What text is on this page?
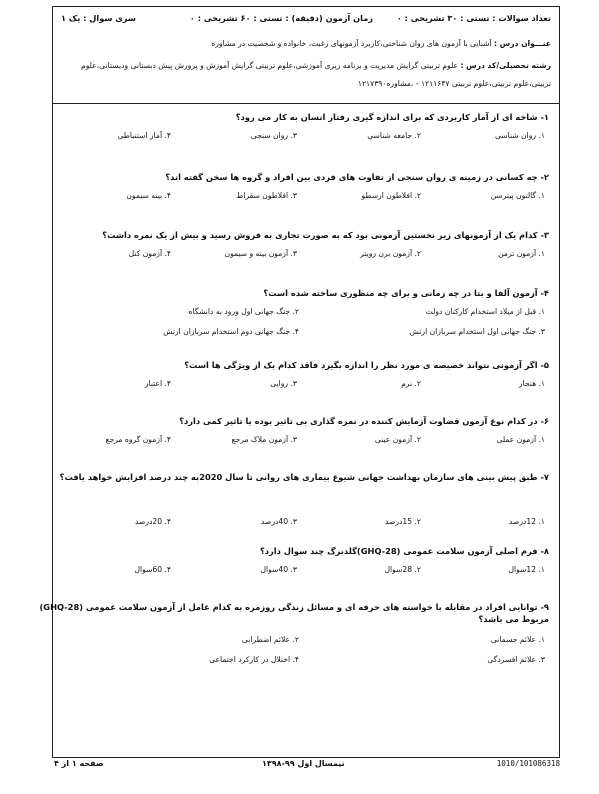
تعداد سوالات : تستی : ۳۰ تشریحی : ۰
زمان آزمون (دقیقه) : تستی : ۶۰ تشریحی : ۰
سری سوال : یک ۱
عنـــوان درس : آشنایی با آزمون های روان شناختی،کاربرد آزمونهای رغبت، خانواده و شخصیت در مشاوره
رشته تحصیلی/کد درس : علوم تربیتی گرایش مدیریت و برنامه ریزی آموزشی،علوم تربیتی گرایش آموزش و پرورش پیش دبستانی ودبستانی،علوم
تربیتی،علوم تربیتی،علوم تربیتی ۱۲۱۱۶۴۷ - ،مشاوره۱۲۱۷۳۹۰
۱- شاخه ای از آمار کاربردی که برای اندازه گیری رفتار انسان به کار می رود؟
۱. روان شناسی
۲. جامعه شناسی
۳. روان سنجی
۴. آمار استنباطی
۲- چه کسانی در زمینه ی روان سنجی از تفاوت های فردی بین افراد و گروه ها سخن گفته اند؟
۱. گالتون پیترسن
۲. افلاطون ارسطو
۳. افلاطون سقراط
۴. بینه سیمون
۳- کدام یک از آزمونهای زیر نخستین آزمونی بود که به صورت تجاری به فروش رسید و بیش از یک نمره داشت؟
۱. آزمون ترمن
۲. آزمون برن رویتر
۳. آزمون بینه و سیمون
۴. آزمون کتل
۴- آزمون آلفا و بتا در چه زمانی و برای چه منظوری ساخته شده است؟
۱. قبل از میلاد استخدام کارکنان دولت
۲. جنگ جهانی اول ورود به دانشگاه
۳. جنگ جهانی اول استخدام سربازان ارتش
۴. جنگ جهانی دوم استخدام سربازان ارتش
۵- اگر آزمونی نتواند خصیصه ی مورد نظر را اندازه بگیرد فاقد کدام یک از ویژگی ها است؟
۱. هنجار
۲. نرم
۳. روایی
۴. اعتبار
۶- در کدام نوع آزمون قضاوت آزمایش کننده در نمره گذاری بی تاثیر بوده یا تاثیر کمی دارد؟
۱. آزمون عملی
۲. آزمون عینی
۳. آزمون ملاک مرجع
۴. آزمون گروه مرجع
۷- طبق پیش بینی های سازمان بهداشت جهانی شیوع بیماری های روانی تا سال 2020به چند درصد افزایش خواهد یافت؟
۱. 12درصد
۲. 15درصد
۳. 40درصد
۴. 20درصد
۸- فرم اصلی آزمون سلامت عمومی (GHQ-28)گلدبرگ چند سوال دارد؟
۱. 12سوال
۲. 28سوال
۳. 40سوال
۴. 60سوال
۹- توانایی افراد در مقابله با خواسته های حرفه ای و مسائل زندگی روزمره به کدام عامل از آزمون سلامت عمومی (GHQ-28)
مربوط می باشد؟
۱. علائم جسمانی
۲. علائم اضطرابی
۳. علائم افسردگی
۴. اختلال در کارکرد اجتماعی
صفحه ۱ از ۴	نیمسال اول ۹۹-۱۳۹۸	1010/101086318
